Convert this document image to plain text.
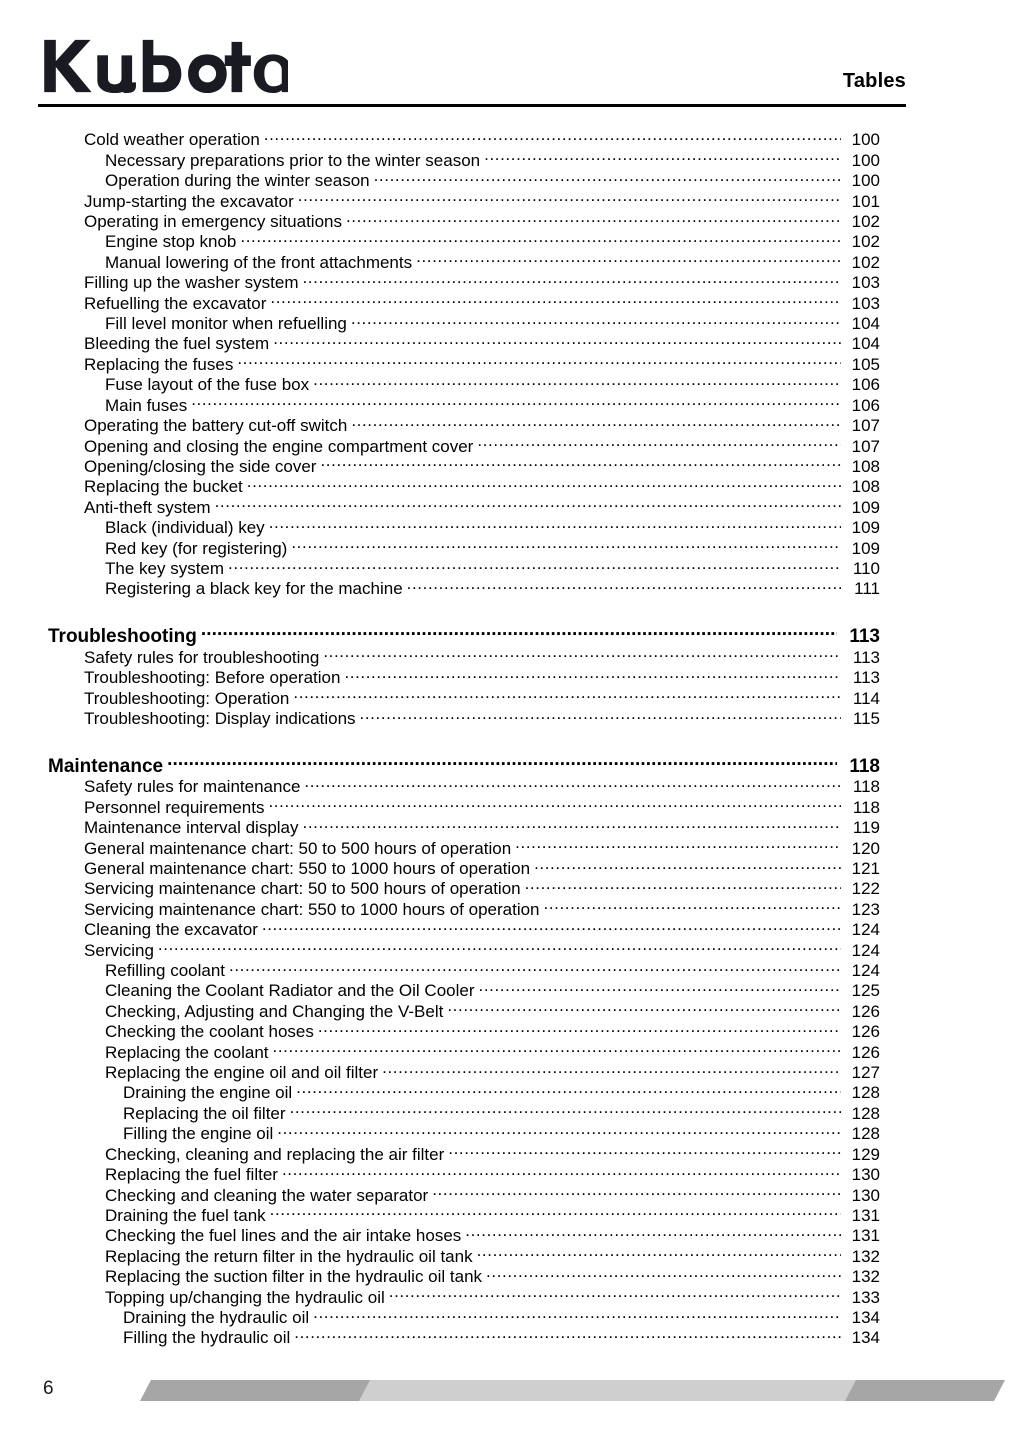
Tables
Cold weather operation .....	100
Necessary preparations prior to the winter season .....	100
Operation during the winter season .....	100
Jump-starting the excavator .....	101
Operating in emergency situations .....	102
Engine stop knob .....	102
Manual lowering of the front attachments .....	102
Filling up the washer system .....	103
Refuelling the excavator .....	103
Fill level monitor when refuelling .....	104
Bleeding the fuel system .....	104
Replacing the fuses .....	105
Fuse layout of the fuse box .....	106
Main fuses .....	106
Operating the battery cut-off switch .....	107
Opening and closing the engine compartment cover .....	107
Opening/closing the side cover .....	108
Replacing the bucket .....	108
Anti-theft system .....	109
Black (individual) key .....	109
Red key (for registering) .....	109
The key system .....	110
Registering a black key for the machine .....	111
Troubleshooting .....	113
Safety rules for troubleshooting .....	113
Troubleshooting: Before operation .....	113
Troubleshooting: Operation .....	114
Troubleshooting: Display indications .....	115
Maintenance .....	118
Safety rules for maintenance .....	118
Personnel requirements .....	118
Maintenance interval display .....	119
General maintenance chart: 50 to 500 hours of operation .....	120
General maintenance chart: 550 to 1000 hours of operation .....	121
Servicing maintenance chart: 50 to 500 hours of operation .....	122
Servicing maintenance chart: 550 to 1000 hours of operation .....	123
Cleaning the excavator .....	124
Servicing .....	124
Refilling coolant .....	124
Cleaning the Coolant Radiator and the Oil Cooler .....	125
Checking, Adjusting and Changing the V-Belt .....	126
Checking the coolant hoses .....	126
Replacing the coolant .....	126
Replacing the engine oil and oil filter .....	127
Draining the engine oil .....	128
Replacing the oil filter .....	128
Filling the engine oil .....	128
Checking, cleaning and replacing the air filter .....	129
Replacing the fuel filter .....	130
Checking and cleaning the water separator .....	130
Draining the fuel tank .....	131
Checking the fuel lines and the air intake hoses .....	131
Replacing the return filter in the hydraulic oil tank .....	132
Replacing the suction filter in the hydraulic oil tank .....	132
Topping up/changing the hydraulic oil .....	133
Draining the hydraulic oil .....	134
Filling the hydraulic oil .....	134
6
